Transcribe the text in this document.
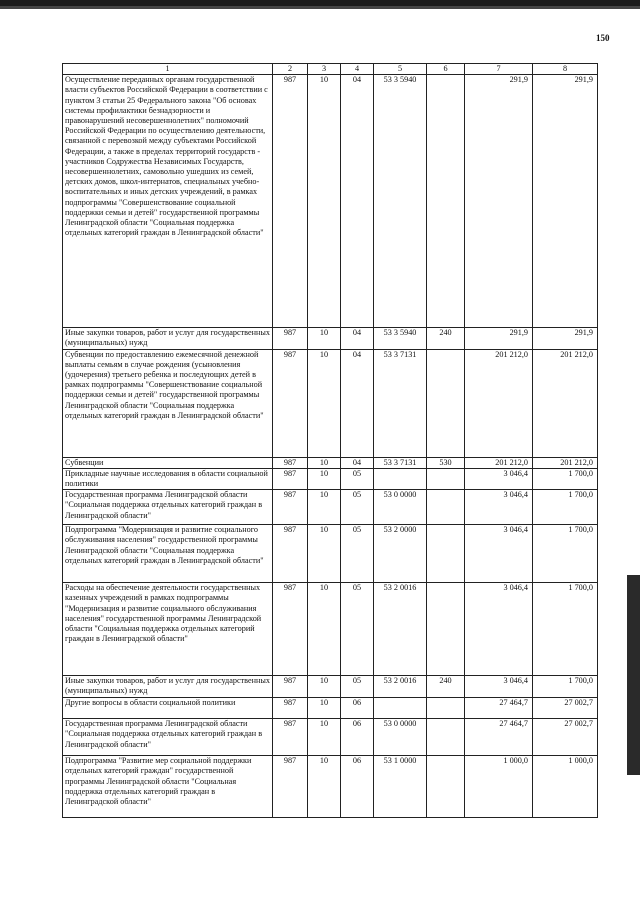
150
1	2	3	4	5	6	7	8
Осуществление переданных органам государственной власти субъектов Российской Федерации в соответствии с пунктом 3 статьи 25 Федерального закона "Об основах системы профилактики безнадзорности и правонарушений несовершеннолетних" полномочий Российской Федерации по осуществлению деятельности, связанной с перевозкой между субъектами Российской Федерации, а также в пределах территорий государств - участников Содружества Независимых Государств, несовершеннолетних, самовольно ушедших из семей, детских домов, школ-интернатов, специальных учебно-воспитательных и иных детских учреждений, в рамках подпрограммы "Совершенствование социальной поддержки семьи и детей" государственной программы Ленинградской области "Социальная поддержка отдельных категорий граждан в Ленинградской области"	987	10	04	53 3 5940		291,9	291,9
Иные закупки товаров, работ и услуг для государственных (муниципальных) нужд	987	10	04	53 3 5940	240	291,9	291,9
Субвенции по предоставлению ежемесячной денежной выплаты семьям в случае рождения (усыновления (удочерения) третьего ребенка и последующих детей в рамках подпрограммы "Совершенствование социальной поддержки семьи и детей" государственной программы Ленинградской области "Социальная поддержка отдельных категорий граждан в Ленинградской области"	987	10	04	53 3 7131		201 212,0	201 212,0
Субвенции	987	10	04	53 3 7131	530	201 212,0	201 212,0
Прикладные научные исследования в области социальной политики	987	10	05			3 046,4	1 700,0
Государственная программа Ленинградской области "Социальная поддержка отдельных категорий граждан в Ленинградской области"	987	10	05	53 0 0000		3 046,4	1 700,0
Подпрограмма "Модернизация и развитие социального обслуживания населения" государственной программы Ленинградской области "Социальная поддержка отдельных категорий граждан в Ленинградской области"	987	10	05	53 2 0000		3 046,4	1 700,0
Расходы на обеспечение деятельности государственных казенных учреждений в рамках подпрограммы "Модернизация и развитие социального обслуживания населения" государственной программы Ленинградской области "Социальная поддержка отдельных категорий граждан в Ленинградской области"	987	10	05	53 2 0016		3 046,4	1 700,0
Иные закупки товаров, работ и услуг для государственных (муниципальных) нужд	987	10	05	53 2 0016	240	3 046,4	1 700,0
Другие вопросы в области социальной политики	987	10	06			27 464,7	27 002,7
Государственная программа Ленинградской области "Социальная поддержка отдельных категорий граждан в Ленинградской области"	987	10	06	53 0 0000		27 464,7	27 002,7
Подпрограмма "Развитие мер социальной поддержки отдельных категорий граждан" государственной программы Ленинградской области "Социальная поддержка отдельных категорий граждан в Ленинградской области"	987	10	06	53 1 0000		1 000,0	1 000,0
